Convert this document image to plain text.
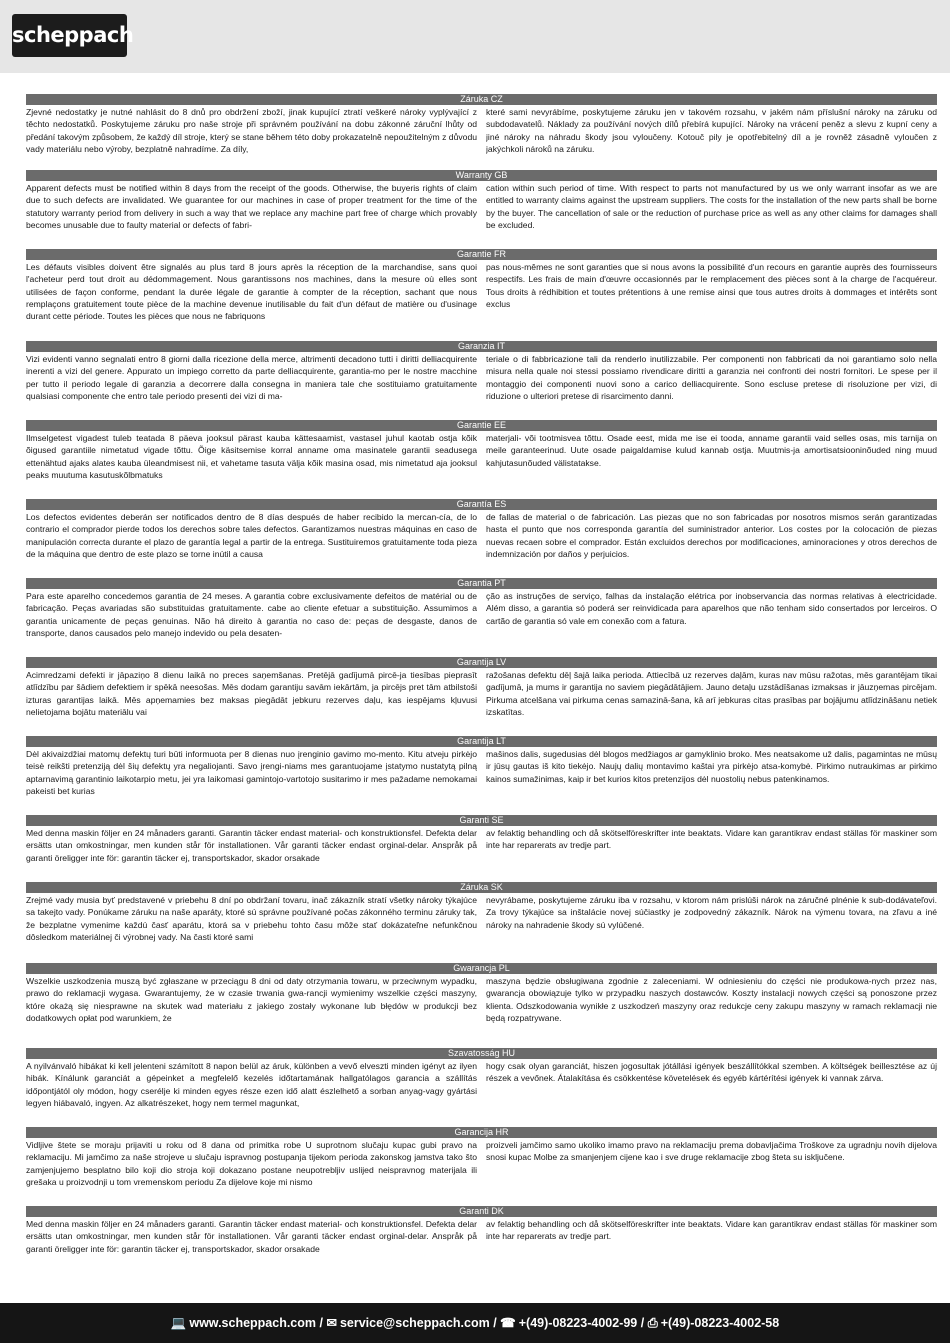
scheppach
Záruka CZ
Zjevné nedostatky je nutné nahlásit do 8 dnů pro obdržení zboží, jinak kupující ztratí veškeré nároky vyplývající z těchto nedostatků. Poskytujeme záruku pro naše stroje při správném používání na dobu zákonné záruční lhůty od předání takovým způsobem, že každý díl stroje, který se stane během této doby prokazatelně nepoužitelným z důvodu vady materiálu nebo výroby, bezplatně nahradíme. Za díly,
které sami nevyrábíme, poskytujeme záruku jen v takovém rozsahu, v jakém nám příslušní nároky na záruku od subdodavatelů. Náklady za používání nových dílů přebírá kupující. Nároky na vrácení peněz a slevu z kupní ceny a jiné nároky na náhradu škody jsou vyloučeny. Kotouč pily je opotřebitelný díl a je rovněž zásadně vyloučen z jakýchkoli nároků na záruku.
Warranty GB
Apparent defects must be notified within 8 days from the receipt of the goods. Otherwise, the buyeris rights of claim due to such defects are invalidated. We guarantee for our machines in case of proper treatment for the time of the statutory warranty period from delivery in such a way that we replace any machine part free of charge which provably becomes unusable due to faulty material or defects of fabri-
cation within such period of time. With respect to parts not manufactured by us we only warrant insofar as we are entitled to warranty claims against the upstream suppliers. The costs for the installation of the new parts shall be borne by the buyer. The cancellation of sale or the reduction of purchase price as well as any other claims for damages shall be excluded.
Garantie FR
Les défauts visibles doivent être signalés au plus tard 8 jours après la réception de la marchandise, sans quoi l'acheteur perd tout droit au dédommagement. Nous garantissons nos machines, dans la mesure où elles sont utilisées de façon conforme, pendant la durée légale de garantie à compter de la réception, sachant que nous remplaçons gratuitement toute pièce de la machine devenue inutilisable du fait d'un défaut de matière ou d'usinage durant cette période. Toutes les pièces que nous ne fabriquons
pas nous-mêmes ne sont garanties que si nous avons la possibilité d'un recours en garantie auprès des fournisseurs respectifs. Les frais de main d'œuvre occasionnés par le remplacement des pièces sont à la charge de l'acquéreur. Tous droits à rédhibition et toutes prétentions à une remise ainsi que tous autres droits à dommages et intérêts sont exclus
Garanzia IT
Vizi evidenti vanno segnalati entro 8 giorni dalla ricezione della merce, altrimenti decadono tutti i diritti delliacquirente inerenti a vizi del genere. Appurato un impiego corretto da parte delliacquirente, garantia-mo per le nostre macchine per tutto il periodo legale di garanzia a decorrere dalla consegna in maniera tale che sostituiamo gratuitamente qualsiasi componente che entro tale periodo presenti dei vizi di ma-
teriale o di fabbricazione tali da renderlo inutilizzabile. Per componenti non fabbricati da noi garantiamo solo nella misura nella quale noi stessi possiamo rivendicare diritti a garanzia nei confronti dei nostri fornitori. Le spese per il montaggio dei componenti nuovi sono a carico delliacquirente. Sono escluse pretese di risoluzione per vizi, di riduzione o ulteriori pretese di risarcimento danni.
Garantie EE
Ilmselgetest vigadest tuleb teatada 8 päeva jooksul pärast kauba kättesaamist, vastasel juhul kaotab ostja kõik õigused garantiile nimetatud vigade tõttu. Õige käsitsemise korral anname oma masinatele garantii seadusega ettenähtud ajaks alates kauba üleandmisest nii, et vahetame tasuta välja kõik masina osad, mis nimetatud aja jooksul peaks muutuma kasutuskõlbmatuks
materjali- või tootmisvea tõttu. Osade eest, mida me ise ei tooda, anname garantii vaid selles osas, mis tarnija on meile garanteerinud. Uute osade paigaldamise kulud kannab ostja. Muutmis-ja amortisatsiooninõuded ning muud kahjutasunõuded välistatakse.
Garantía ES
Los defectos evidentes deberán ser notificados dentro de 8 días después de haber recibido la mercan-cía, de lo contrario el comprador pierde todos los derechos sobre tales defectos. Garantizamos nuestras máquinas en caso de manipulación correcta durante el plazo de garantía legal a partir de la entrega. Sustituiremos gratuitamente toda pieza de la máquina que dentro de este plazo se torne inútil a causa
de fallas de material o de fabricación. Las piezas que no son fabricadas por nosotros mismos serán garantizadas hasta el punto que nos corresponda garantía del suministrador anterior. Los costes por la colocación de piezas nuevas recaen sobre el comprador. Están excluidos derechos por modificaciones, aminoraciones y otros derechos de indemnización por daños y perjuicios.
Garantia PT
Para este aparelho concedemos garantia de 24 meses. A garantia cobre exclusivamente defeitos de matérial ou de fabricação. Peças avariadas são substituidas gratuitamente. cabe ao cliente efetuar a substituição. Assumimos a garantia unicamente de peças genuinas. Não há direito à garantia no caso de: peças de desgaste, danos de transporte, danos causados pelo manejo indevido ou pela desaten-
ção as instruções de serviço, falhas da instalação elétrica por inobservancia das normas relativas à electricidade. Além disso, a garantia só poderá ser reinvidicada para aparelhos que não tenham sido consertados por lerceiros. O cartão de garantia só vale em conexão com a fatura.
Garantija LV
Acimredzami defekti ir jāpaziņo 8 dienu laikā no preces saņemšanas. Pretējā gadījumā pircē-ja tiesības pieprasīt atlīdzību par šādiem defektiem ir spēkā neesošas. Mēs dodam garantiju savām iekārtām, ja pircējs pret tām atbilstoši izturas garantijas laikā. Mēs apņemamies bez maksas piegādāt jebkuru rezerves daļu, kas iespējams kļuvusi nelietojama bojātu materiālu vai
ražošanas defektu dēļ šajā laika perioda. Attiecībā uz rezerves daļām, kuras nav mūsu ražotas, mēs garantējam tikai gadījumā, ja mums ir garantija no saviem piegādātājiem. Jauno detaļu uzstādīšanas izmaksas ir jāuzņemas pircējam. Pirkuma atcelšana vai pirkuma cenas samazinā-šana, kā arī jebkuras citas prasības par bojājumu atlīdzināšanu netiek izskatītas.
Garantija LT
Dėl akivaizdžiai matomų defektų turi būti informuota per 8 dienas nuo įrenginio gavimo mo-mento. Kitu atveju pirkėjo teisė reikšti pretenziją dėl šių defektų yra negaliojanti. Savo įrengi-niams mes garantuojame įstatymo nustatytą pilną aptarnavimą garantinio laikotarpio metu, jei yra laikomasi gamintojo-vartotojo susitarimo ir mes pažadame nemokamai pakeisti bet kurias
mašinos dalis, sugedusias dėl blogos medžiagos ar gamyklinio broko. Mes neatsakome už dalis, pagamintas ne mūsų ir jūsų gautas iš kito tiekėjo. Naujų dalių montavimo kaštai yra pirkėjo atsa-komybė. Pirkimo nutraukimas ar pirkimo kainos sumažinimas, kaip ir bet kurios kitos pretenzijos dėl nuostolių nebus patenkinamos.
Garanti SE
Med denna maskin följer en 24 månaders garanti. Garantin täcker endast material- och konstruktionsfel. Defekta delar ersätts utan omkostningar, men kunden står för installationen. Vår garanti täcker endast orginal-delar. Anspråk på garanti öreligger inte för: garantin täcker ej, transportskador, skador orsakade
av felaktig behandling och då skötselföreskrifter inte beaktats. Vidare kan garantikrav endast ställas för maskiner som inte har reparerats av tredje part.
Záruka SK
Zrejmé vady musia byť predstavené v priebehu 8 dní po obdržaní tovaru, inač zákazník stratí všetky nároky týkajúce sa takejto vady. Ponúkame záruku na naše aparáty, ktoré sú správne používané počas zákonného terminu záruky tak, že bezplatne vymenime každú časť aparátu, ktorá sa v priebehu tohto času môže stať dokázateľne nefunkčnou dôsledkom materiálnej či výrobnej vady. Na časti ktoré sami
nevyrábame, poskytujeme záruku iba v rozsahu, v ktorom nám prislúši nárok na záručné plnénie k sub-dodávateľovi. Za trovy týkajúce sa inštalácie novej súčiastky je zodpovedný zákazník. Nárok na výmenu tovara, na zľavu a iné nároky na nahradenie škody sú vylúčené.
Gwarancja PL
Wszelkie uszkodzenia muszą być zgłaszane w przeciągu 8 dni od daty otrzymania towaru, w przeciwnym wypadku, prawo do reklamacji wygasa. Gwarantujemy, że w czasie trwania gwa-rancji wymienimy wszelkie części maszyny, które okażą się niesprawne na skutek wad materiału z jakiego zostały wykonane lub błędów w produkcji bez dodatkowych opłat pod warunkiem, że
maszyna będzie obsługiwana zgodnie z zaleceniami. W odniesieniu do części nie produkowa-nych przez nas, gwarancja obowiązuje tylko w przypadku naszych dostawców. Koszty instalacji nowych części są ponoszone przez klienta. Odszkodowania wynikłe z uszkodzeń maszyny oraz redukcje ceny zakupu maszyny w ramach reklamacji nie będą rozpatrywane.
Szavatosság HU
A nyilvánvaló hibákat ki kell jelenteni számított 8 napon belül az áruk, különben a vevő elveszti minden igényt az ilyen hibák. Kínálunk garanciát a gépeinket a megfelelő kezelés időtartamának hallgatólagos garancia a szállítás időpontjától oly módon, hogy cserélje ki minden egyes része ezen idő alatt észlelhető a sorban anyag-vagy gyártási legyen hiábavaló, ingyen. Az alkatrészeket, hogy nem termel magunkat,
hogy csak olyan garanciát, hiszen jogosultak jótállási igények beszállítókkal szemben. A költségek beillesztése az új részek a vevőnek. Átalakítása és csökkentése követelések és egyéb kártérítési igények ki vannak zárva.
Garancija HR
Vidljive štete se moraju prijaviti u roku od 8 dana od primitka robe U suprotnom slučaju kupac gubi pravo na reklamaciju. Mi jamčimo za naše strojeve u slučaju ispravnog postupanja tijekom perioda zakonskog jamstva tako što zamjenjujemo besplatno bilo koji dio stroja koji dokazano postane neupotrebljiv uslijed neispravnog materijala ili grešaka u proizvodnji u tom vremenskom periodu Za dijelove koje mi nismo
proizveli jamčimo samo ukoliko imamo pravo na reklamaciju prema dobavljačima Troškove za ugradnju novih dijelova snosi kupac Molbe za smanjenjem cijene kao i sve druge reklamacije zbog šteta su isključene.
Garanti DK
Med denna maskin följer en 24 månaders garanti. Garantin täcker endast material- och konstruktionsfel. Defekta delar ersätts utan omkostningar, men kunden står för installationen. Vår garanti täcker endast orginal-delar. Anspråk på garanti öreligger inte för: garantin täcker ej, transportskador, skador orsakade
av felaktig behandling och då skötselföreskrifter inte beaktats. Vidare kan garantikrav endast ställas för maskiner som inte har reparerats av tredje part.
💻 www.scheppach.com / ✉ service@scheppach.com / ☎ +(49)-08223-4002-99 / ⎙ +(49)-08223-4002-58
